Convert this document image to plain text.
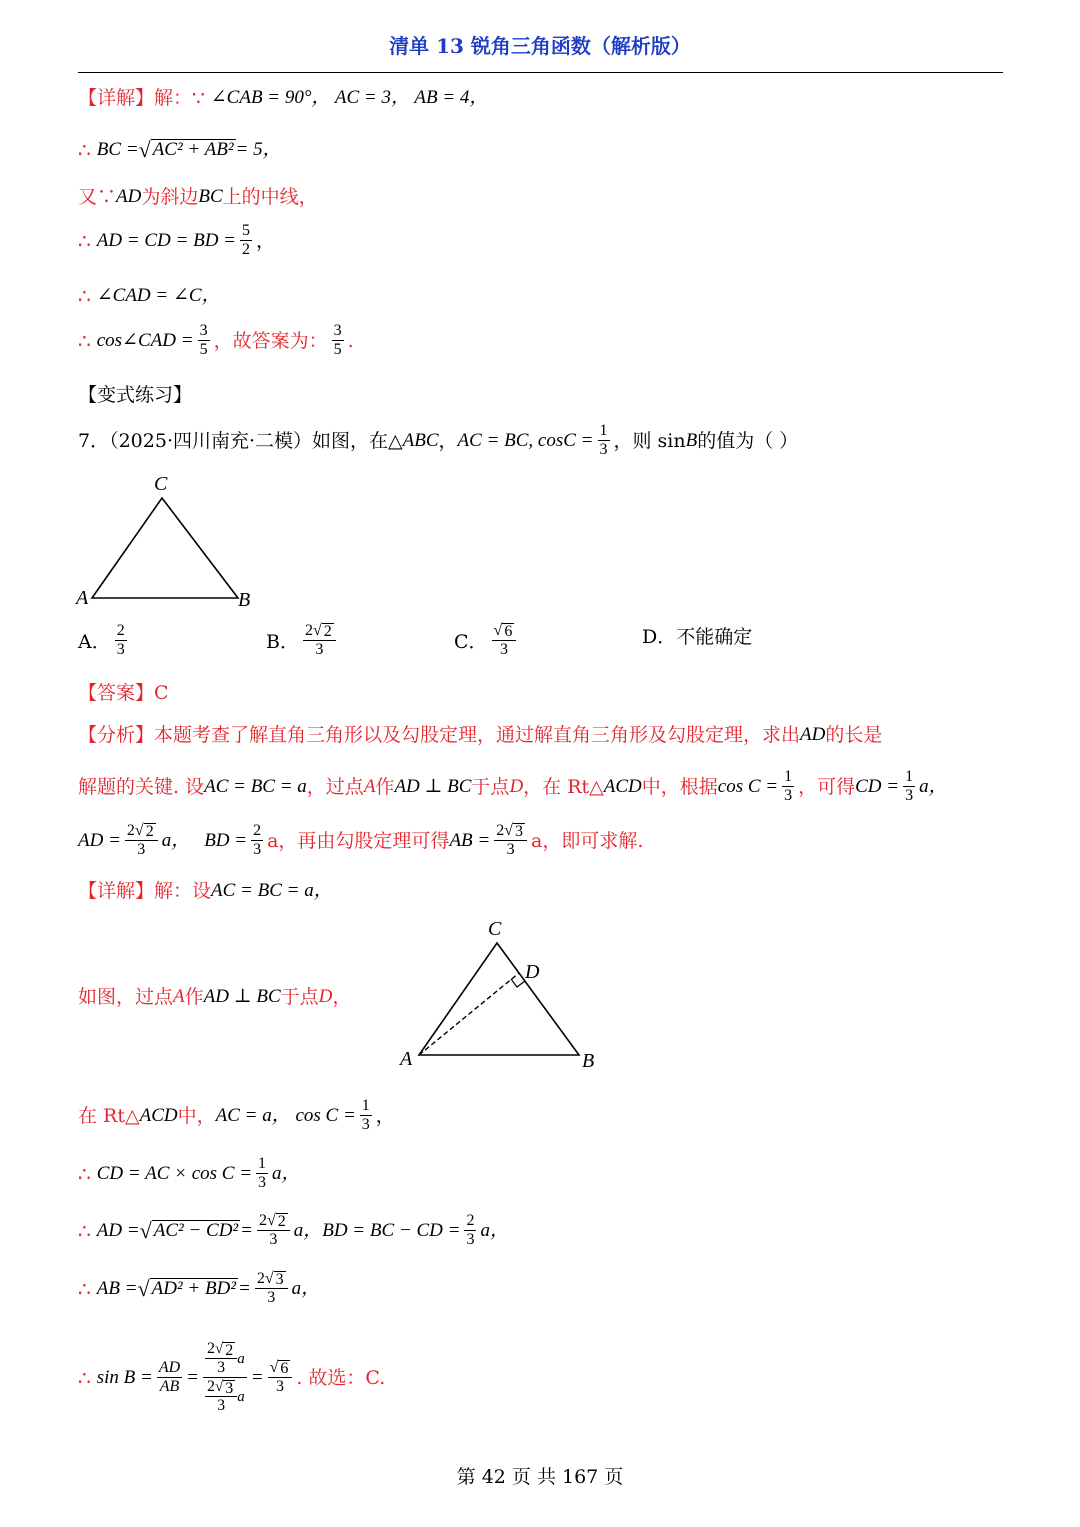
清单 13 锐角三角函数（解析版）
【详解】解： ∵ ∠CAB = 90°， AC = 3， AB = 4，
∴ BC = √ AC² + AB² = 5，
又∵ AD 为斜边 BC 上的中线，
∴ AD = CD = BD = $\frac{5}{2}$ ，
∴ ∠CAD = ∠C，
∴ cos∠CAD = $\frac{3}{5}$ ，故答案为： $\frac{3}{5}$ .
【变式练习】
7．（2025·四川南充·二模）如图，在△ ABC ， AC = BC, $\cos C = \frac{1}{3}$ ，则 sin B 的值为（ ）
C
A	B
A． $\frac{2}{3}$	B． $\frac{2 √ 2}{3}$	C． $\frac{√ 6}{3}$	D． 不能确定
【答案】 C
【分析】 本题考查了解直角三角形以及勾股定理，通过解直角三角形及勾股定理，求出 AD 的长是
解题的关键. 设 AC = BC = a ，过点 A 作 AD ⊥ BC 于点 D ，在 Rt△ ACD 中，根据 $\cos C = \frac{1}{3}$ ，可得 CD = $\frac{1}{3}$ a，
AD = $\frac{2 √ 2}{3}$ a， BD = $\frac{2}{3}$ a，再由勾股定理可得 AB = $\frac{2 √ 3}{3}$ a，即可求解.
【详解】解：设 AC = BC = a，
如图，过点 A 作 AD ⊥ BC 于点 D ，
C
D
A	B
在 Rt△ ACD 中， AC = a， $\cos C = \frac{1}{3}$ ，
∴ CD = AC × $\cos C = \frac{1}{3}$ a，
∴ AD = √ $AC^2 - CD^2 = \frac{2 √ 2}{3}$ a， BD = BC − CD = $\frac{2}{3}$ a，
∴ AB = √ $AD^2 + BD^2 = \frac{2 √ 3}{3}$ a，
∴ $\sin B = \frac{AD}{AB} = \frac{\frac{2 √ 2}{3} a}{\frac{2 √ 3}{3} a} = \frac{√ 6}{3}$ . 故选：C.
第 42 页 共 167 页
